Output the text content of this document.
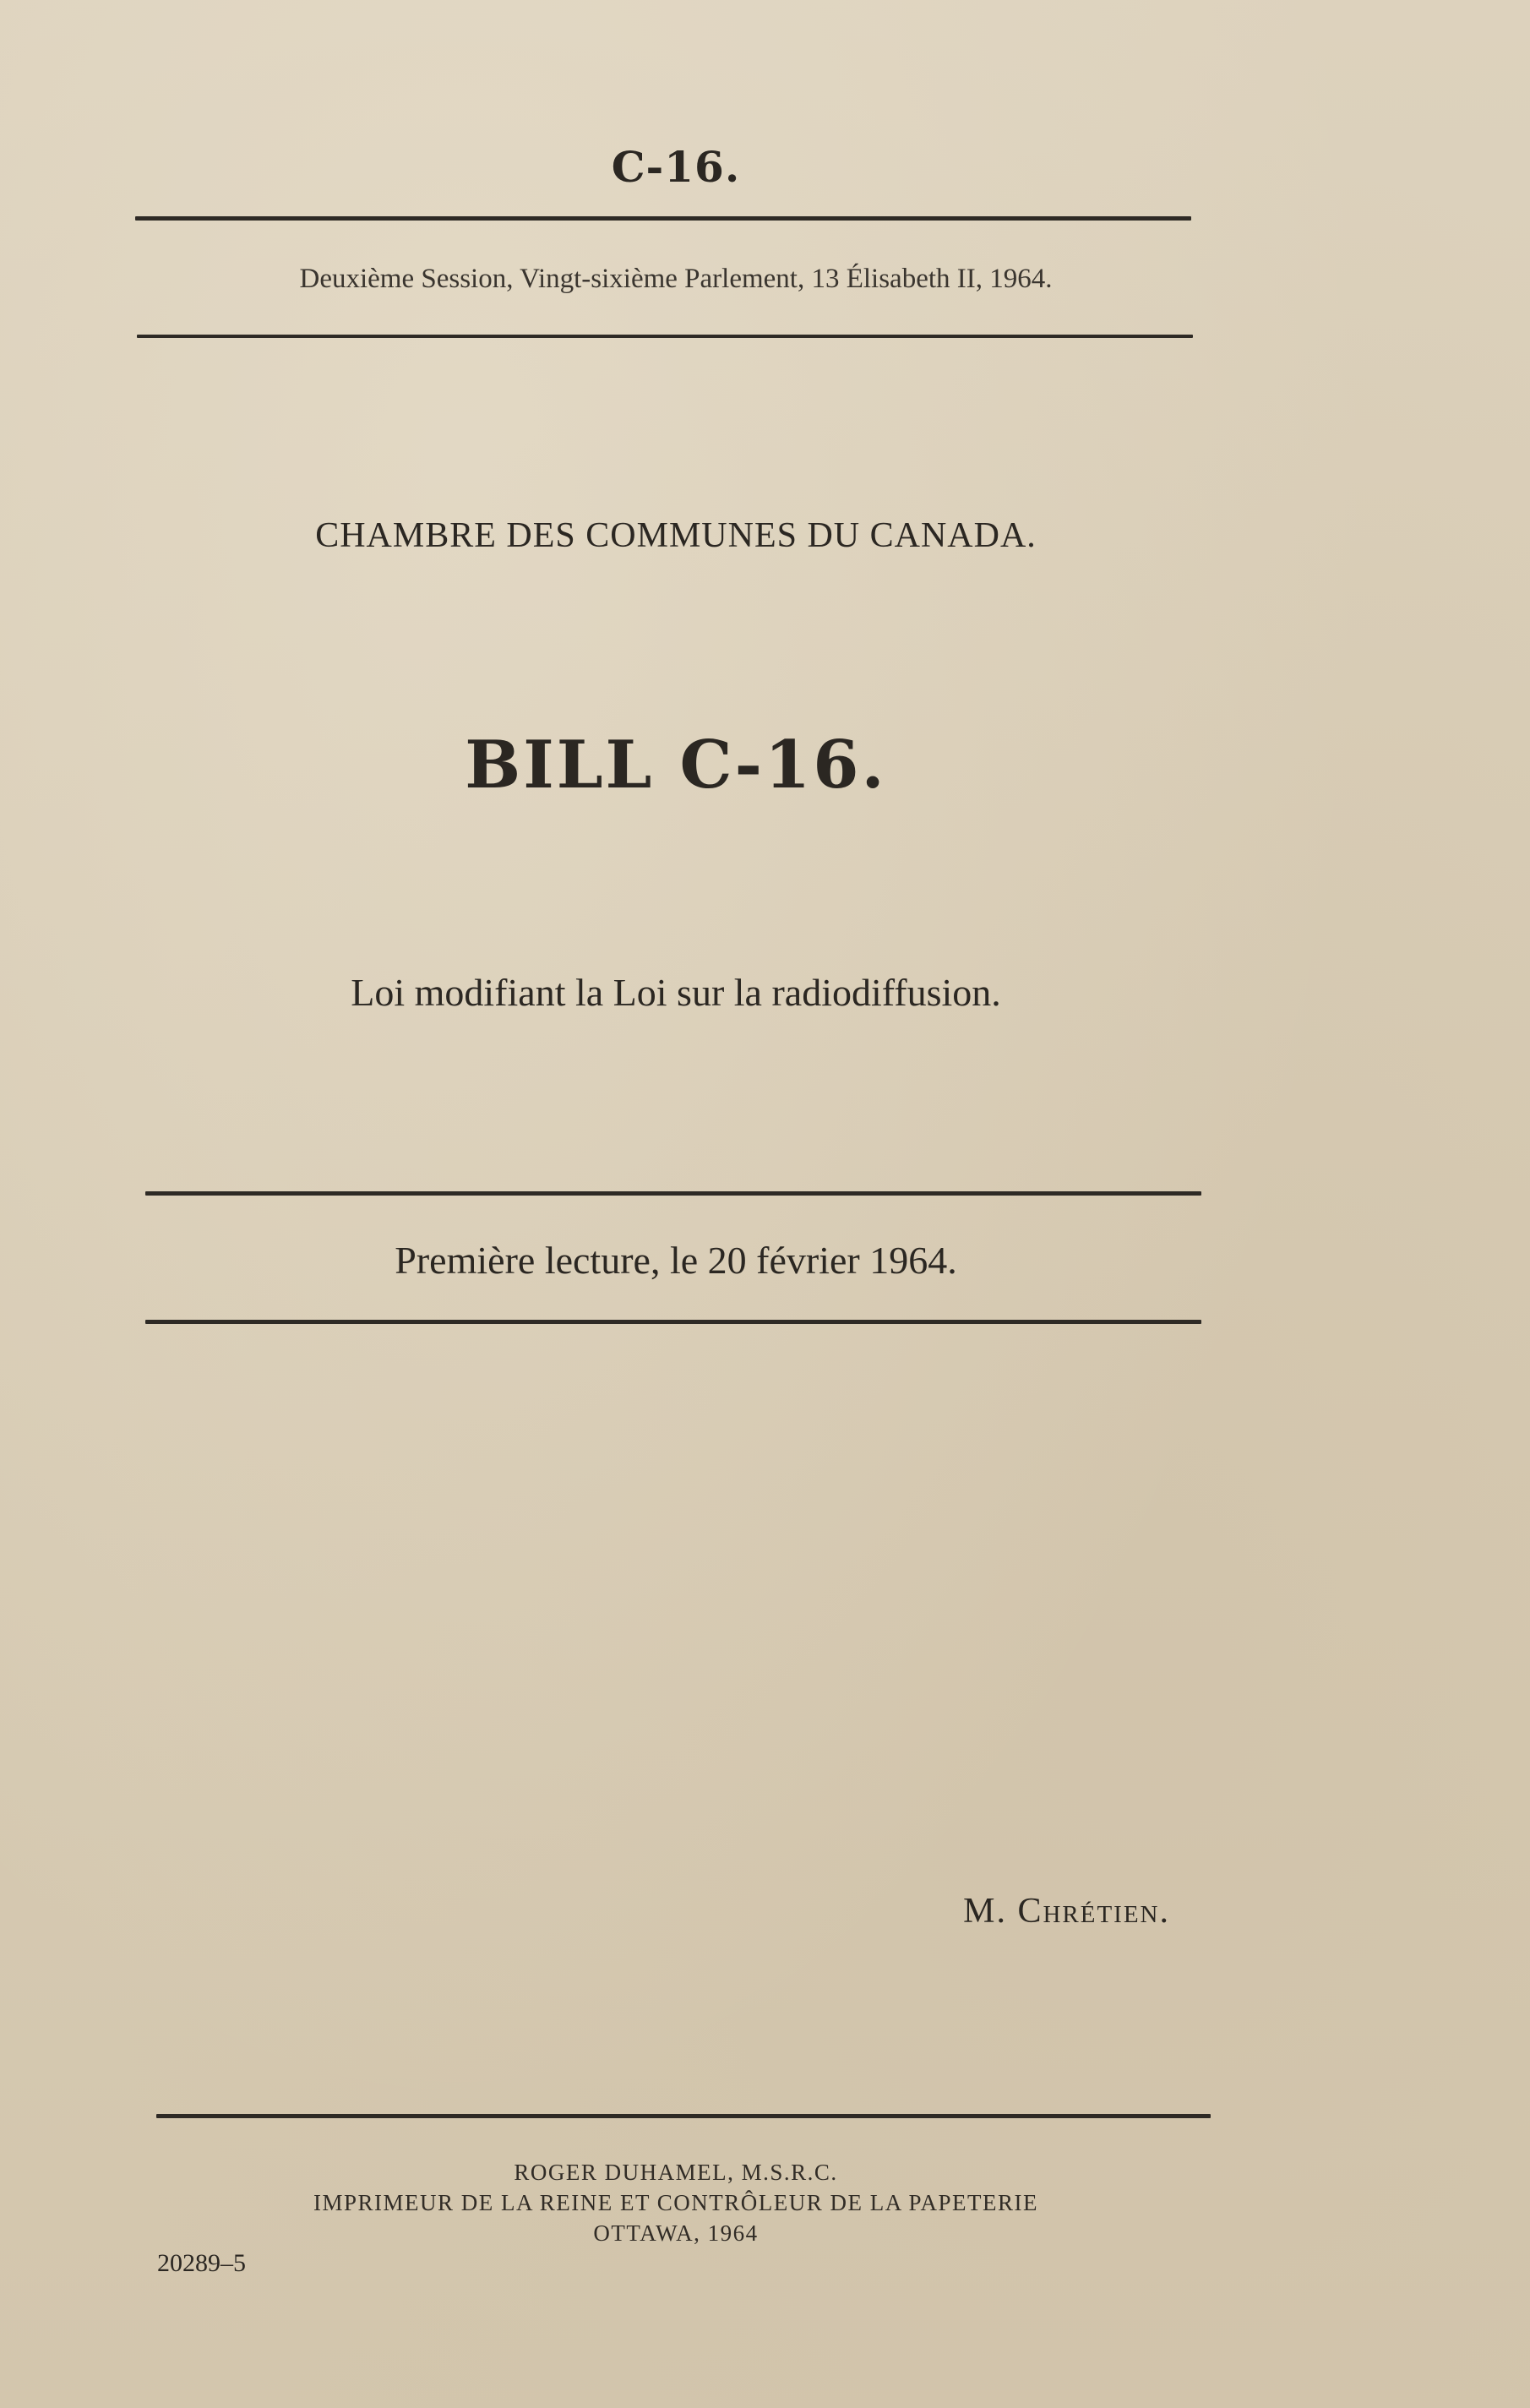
C-16.
Deuxième Session, Vingt-sixième Parlement, 13 Élisabeth II, 1964.
CHAMBRE DES COMMUNES DU CANADA.
BILL C-16.
Loi modifiant la Loi sur la radiodiffusion.
Première lecture, le 20 février 1964.
M. Chrétien.
ROGER DUHAMEL, M.S.R.C.
IMPRIMEUR DE LA REINE ET CONTRÔLEUR DE LA PAPETERIE
OTTAWA, 1964
20289–5
